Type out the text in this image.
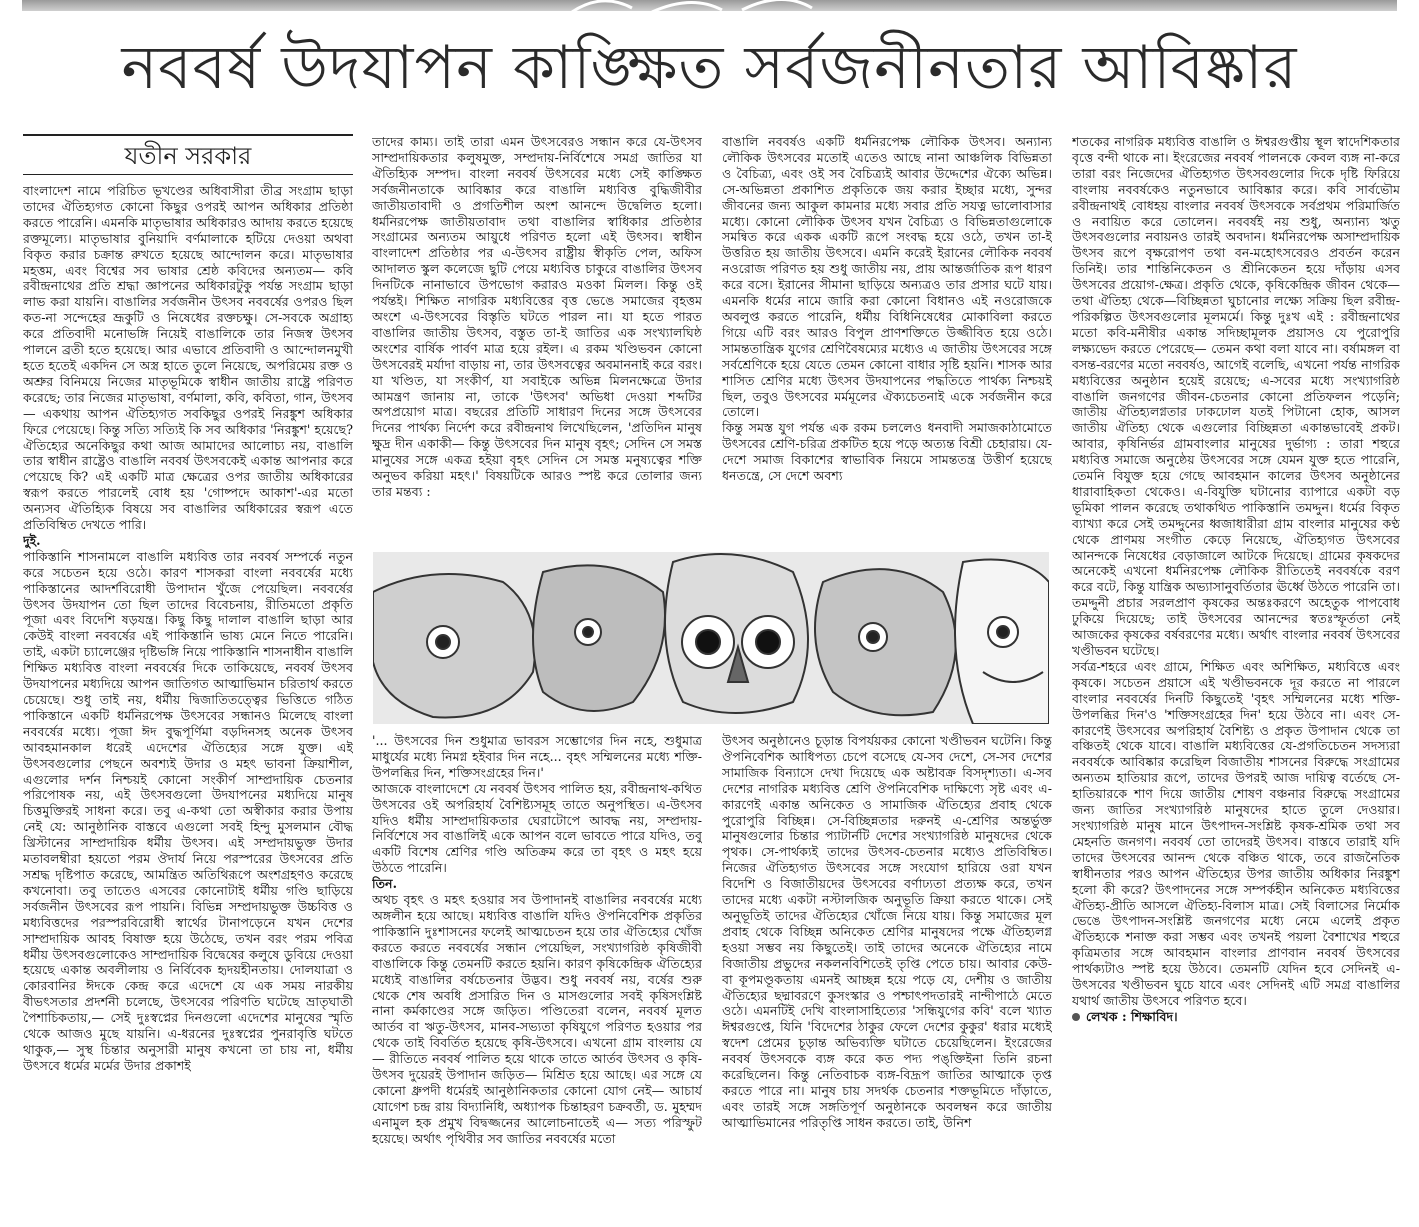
নববর্ষ উদযাপন কাঙ্ক্ষিত সর্বজনীনতার আবিষ্কার
যতীন সরকার

বাংলাদেশ নামে পরিচিত ভূখণ্ডের অধিবাসীরা তীব্র সংগ্রাম ছাড়া তাদের ঐতিহ্যগত কোনো কিছুর ওপরই আপন অধিকার প্রতিষ্ঠা করতে পারেনি। এমনকি মাতৃভাষার অধিকারও আদায় করতে হয়েছে রক্তমূল্যে। মাতৃভাষার বুনিয়াদি বর্ণমালাকে হটিয়ে দেওয়া অথবা বিকৃত করার চক্রান্ত রুখতে হয়েছে আন্দোলন করে। মাতৃভাষার মহত্তম, এবং বিশ্বের সব ভাষার শ্রেষ্ঠ কবিদের অন্যতম— কবি রবীন্দ্রনাথের প্রতি শ্রদ্ধা জ্ঞাপনের অধিকারটুকু পর্যন্ত সংগ্রাম ছাড়া লাভ করা যায়নি। বাঙালির সর্বজনীন উৎসব নববর্ষের ওপরও ছিল কত-না সন্দেহের ভ্রূকুটি ও নিষেধের রক্তচক্ষু। সে-সবকে অগ্রাহ্য করে প্রতিবাদী মনোভঙ্গি নিয়েই বাঙালিকে তার নিজস্ব উৎসব পালনে ব্রতী হতে হয়েছে। আর এভাবে প্রতিবাদী ও আন্দোলনমুখী হতে হতেই একদিন সে অস্ত্র হাতে তুলে নিয়েছে, অপরিমেয় রক্ত ও অশ্রুর বিনিময়ে নিজের মাতৃভূমিকে স্বাধীন জাতীয় রাষ্ট্রে পরিণত করেছে; তার নিজের মাতৃভাষা, বর্ণমালা, কবি, কবিতা, গান, উৎসব— একথায় আপন ঐতিহ্যগত সবকিছুর ওপরই নিরঙ্কুশ অধিকার ফিরে পেয়েছে। কিন্তু সত্যি সত্যিই কি সব অধিকার 'নিরঙ্কুশ' হয়েছে? ঐতিহ্যের অনেকিছুর কথা আজ আমাদের আলোচ্য নয়, বাঙালি তার স্বাধীন রাষ্ট্রেও বাঙালি নববর্ষ উৎসবকেই একান্ত আপনার করে পেয়েছে কি? এই একটি মাত্র ক্ষেত্রের ওপর জাতীয় অধিকারের স্বরূপ করতে পারলেই বোধ হয় 'গোষ্পদে আকাশ'-এর মতো অন্যসব ঐতিহ্যিক বিষয়ে সব বাঙালির অধিকারের স্বরূপ এতে প্রতিবিম্বিত দেখতে পারি।

দুই.

পাকিস্তানি শাসনামলে বাঙালি মধ্যবিত্ত তার নববর্ষ সম্পর্কে নতুন করে সচেতন হয়ে ওঠে। কারণ শাসকরা বাংলা নববর্ষের মধ্যে পাকিস্তানের আদর্শবিরোধী উপাদান খুঁজে পেয়েছিল। নববর্ষের উৎসব উদযাপন তো ছিল তাদের বিবেচনায়, রীতিমতো প্রকৃতি পূজা এবং বিদেশি ষড়যন্ত্র। কিছু কিছু দালাল বাঙালি ছাড়া আর কেউই বাংলা নববর্ষের এই পাকিস্তানি ভাষ্য মেনে নিতে পারেনি। তাই, একটা চ্যালেঞ্জের দৃষ্টিভঙ্গি নিয়ে পাকিস্তানি শাসনাধীন বাঙালি শিক্ষিত মধ্যবিত্ত বাংলা নববর্ষের দিকে তাকিয়েছে, নববর্ষ উৎসব উদযাপনের মধ্যদিয়ে আপন জাতিগত আত্মাভিমান চরিতার্থ করতে চেয়েছে। শুধু তাই নয়, ধর্মীয় দ্বিজাতিতত্ত্বের ভিত্তিতে গঠিত পাকিস্তানে একটি ধর্মনিরপেক্ষ উৎসবের সন্ধানও মিলেছে বাংলা নববর্ষের মধ্যে। পূজা ঈদ বুদ্ধপূর্ণিমা বড়দিনসহ অনেক উৎসব আবহমানকাল ধরেই এদেশের ঐতিহ্যের সঙ্গে যুক্ত। এই উৎসবগুলোর পেছনে অবশ্যই উদার ও মহৎ ভাবনা ক্রিয়াশীল, এগুলোর দর্শন নিশ্চয়ই কোনো সংকীর্ণ সাম্প্রদায়িক চেতনার পরিপোষক নয়, এই উৎসবগুলো উদযাপনের মধ্যদিয়ে মানুষ চিত্তমুক্তিরই সাধনা করে। তবু এ-কথা তো অস্বীকার করার উপায় নেই যে: আনুষ্ঠানিক বাস্তবে এগুলো সবই হিন্দু মুসলমান বৌদ্ধ খ্রিস্টানের সাম্প্রদায়িক ধর্মীয় উৎসব। এই সম্প্রদায়ভুক্ত উদার মতাবলম্বীরা হয়তো পরম ঔদার্য নিয়ে পরস্পরের উৎসবের প্রতি সশ্রদ্ধ দৃষ্টিপাত করেছে, আমন্ত্রিত অতিথিরূপে অংশগ্রহণও করেছে কখনোবা। তবু তাতেও এসবের কোনোটাই ধর্মীয় গণ্ডি ছাড়িয়ে সর্বজনীন উৎসবের রূপ পায়নি। বিভিন্ন সম্প্রদায়ভুক্ত উচ্চবিত্ত ও মধ্যবিত্তদের পরস্পরবিরোধী স্বার্থের টানাপড়েনে যখন দেশের সাম্প্রদায়িক আবহ বিষাক্ত হয়ে উঠেছে, তখন বরং পরম পবিত্র ধর্মীয় উৎসবগুলোকেও সাম্প্রদায়িক বিদ্বেষের কলুষে ডুবিয়ে দেওয়া হয়েছে একান্ত অবলীলায় ও নির্বিবেক হৃদয়হীনতায়। দোলযাত্রা ও কোরবানির ঈদকে কেন্দ্র করে এদেশে যে এক সময় নারকীয় বীভৎসতার প্রদর্শনী চলেছে, উৎসবের পরিণতি ঘটেছে ভ্রাতৃঘাতী পৈশাচিকতায়,— সেই দুঃস্বপ্নের দিনগুলো এদেশের মানুষের স্মৃতি থেকে আজও মুছে যায়নি। এ-ধরনের দুঃস্বপ্নের পুনরাবৃত্তি ঘটতে থাকুক,— সুস্থ চিন্তার অনুসারী মানুষ কখনো তা চায় না, ধর্মীয় উৎসবে ধর্মের মর্মের উদার প্রকাশই

তাদের কাম্য। তাই তারা এমন উৎসবেরও সন্ধান করে যে-উৎসব সাম্প্রদায়িকতার কলুষমুক্ত, সম্প্রদায়-নির্বিশেষে সমগ্র জাতির যা ঐতিহ্যিক সম্পদ। বাংলা নববর্ষ উৎসবের মধ্যে সেই কাঙ্ক্ষিত সর্বজনীনতাকে আবিষ্কার করে বাঙালি মধ্যবিত্ত বুদ্ধিজীবীর জাতীয়তাবাদী ও প্রগতিশীল অংশ আনন্দে উদ্বেলিত হলো। ধর্মনিরপেক্ষ জাতীয়তাবাদ তথা বাঙালির স্বাধিকার প্রতিষ্ঠার সংগ্রামের অন্যতম আয়ুধে পরিণত হলো এই উৎসব। স্বাধীন বাংলাদেশ প্রতিষ্ঠার পর এ-উৎসব রাষ্ট্রীয় স্বীকৃতি পেল, অফিস আদালত স্কুল কলেজে ছুটি পেয়ে মধ্যবিত্ত চাকুরে বাঙালির উৎসব দিনটিকে নানাভাবে উপভোগ করারও মওকা মিলল। কিন্তু ওই পর্যন্তই। শিক্ষিত নাগরিক মধ্যবিত্তের বৃত্ত ভেঙে সমাজের বৃহত্তম অংশে এ-উৎসবের বিস্তৃতি ঘটতে পারল না। যা হতে পারত বাঙালির জাতীয় উৎসব, বস্তুত তা-ই জাতির এক সংখ্যালঘিষ্ঠ অংশের বার্ষিক পার্বণ মাত্র হয়ে রইল। এ রকম খণ্ডিভবন কোনো উৎসবেরই মর্যাদা বাড়ায় না, তার উৎসবত্বের অবমাননাই করে বরং। যা খণ্ডিত, যা সংকীর্ণ, যা সবাইকে অভিন্ন মিলনক্ষেত্রে উদার আমন্ত্রণ জানায় না, তাকে 'উৎসব' অভিধা দেওয়া শব্দটির অপপ্রয়োগ মাত্র। বছরের প্রতিটি সাধারণ দিনের সঙ্গে উৎসবের দিনের পার্থক্য নির্দেশ করে রবীন্দ্রনাথ লিখেছিলেন, 'প্রতিদিন মানুষ ক্ষুদ্র দীন একাকী— কিন্তু উৎসবের দিন মানুষ বৃহৎ; সেদিন সে সমস্ত মানুষের সঙ্গে একত্র হইয়া বৃহৎ সেদিন সে সমস্ত মনুষ্যত্বের শক্তি অনুভব করিয়া মহৎ।' বিষয়টিকে আরও স্পষ্ট করে তোলার জন্য তার মন্তব্য :

বাঙালি নববর্ষও একটি ধর্মনিরপেক্ষ লৌকিক উৎসব। অন্যান্য লৌকিক উৎসবের মতোই এতেও আছে নানা আঞ্চলিক বিভিন্নতা ও বৈচিত্র্য, এবং ওই সব বৈচিত্র্যই আবার উদ্দেশের ঐক্যে অভিন্ন। সে-অভিন্নতা প্রকাশিত প্রকৃতিকে জয় করার ইচ্ছার মধ্যে, সুন্দর জীবনের জন্য আকুল কামনার মধ্যে সবার প্রতি সযত্ন ভালোবাসার মধ্যে। কোনো লৌকিক উৎসব যখন বৈচিত্র্য ও বিভিন্নতাগুলোকে সমন্বিত করে একক একটি রূপে সংবদ্ধ হয়ে ওঠে, তখন তা-ই উত্তরিত হয় জাতীয় উৎসবে। এমনি করেই ইরানের লৌকিক নববর্ষ নওরোজ পরিণত হয় শুধু জাতীয় নয়, প্রায় আন্তর্জাতিক রূপ ধারণ করে বসে। ইরানের সীমানা ছাড়িয়ে অন্যত্রও তার প্রসার ঘটে যায়। এমনকি ধর্মের নামে জারি করা কোনো বিধানও এই নওরোজকে অবলুপ্ত করতে পারেনি, ধর্মীয় বিধিনিষেধের মোকাবিলা করতে গিয়ে এটি বরং আরও বিপুল প্রাণশক্তিতে উজ্জীবিত হয়ে ওঠে। সামন্ততান্ত্রিক যুগের শ্রেণিবৈষম্যের মধ্যেও এ জাতীয় উৎসবের সঙ্গে সর্বশ্রেণিকে হয়ে যেতে তেমন কোনো বাধার সৃষ্টি হয়নি। শাসক আর শাসিত শ্রেণির মধ্যে উৎসব উদযাপনের পদ্ধতিতে পার্থক্য নিশ্চয়ই ছিল, তবুও উৎসবের মর্মমূলের ঐক্যচেতনাই একে সর্বজনীন করে তোলে।

কিন্তু সমস্ত যুগ পর্যন্ত এক রকম চললেও ধনবাদী সমাজকাঠামোতে উৎসবের শ্রেণি-চরিত্র প্রকটিত হয়ে পড়ে অত্যন্ত বিশ্রী চেহারায়। যে-দেশে সমাজ বিকাশের স্বাভাবিক নিয়মে সামন্ততন্ত্র উত্তীর্ণ হয়েছে ধনতন্ত্রে, সে দেশে অবশ্য

শতকের নাগরিক মধ্যবিত্ত বাঙালি ও ঈশ্বরগুপ্তীয় স্থূল স্বাদেশিকতার বৃত্তে বন্দী থাকে না। ইংরেজের নববর্ষ পালনকে কেবল ব্যঙ্গ না-করে তারা বরং নিজেদের ঐতিহ্যগত উৎসবগুলোর দিকে দৃষ্টি ফিরিয়ে বাংলায় নববর্ষকেও নতুনভাবে আবিষ্কার করে। কবি সার্বভৌম রবীন্দ্রনাথই বোধহয় বাংলার নববর্ষ উৎসবকে সর্বপ্রথম পরিমার্জিত ও নবায়িত করে তোলেন। নববর্ষই নয় শুধু, অন্যান্য ঋতু উৎসবগুলোর নবায়নও তারই অবদান। ধর্মনিরপেক্ষ অসাম্প্রদায়িক উৎসব রূপে বৃক্ষরোপণ তথা বন-মহোৎসবেরও প্রবর্তন করেন তিনিই। তার শান্তিনিকেতন ও শ্রীনিকেতন হয়ে দাঁড়ায় এসব উৎসবের প্রয়োগ-ক্ষেত্র। প্রকৃতি থেকে, কৃষিকেন্দ্রিক জীবন থেকে—তথা ঐতিহ্য থেকে—বিচ্ছিন্নতা ঘুচানোর লক্ষ্যে সক্রিয় ছিল রবীন্দ্র-পরিকল্পিত উৎসবগুলোর মূলমর্মে। কিন্তু দুঃখ এই : রবীন্দ্রনাথের মতো কবি-মনীষীর একান্ত সদিচ্ছামূলক প্রয়াসও যে পুরোপুরি লক্ষ্যভেদ করতে পেরেছে— তেমন কথা বলা যাবে না। বর্ষামঙ্গল বা বসন্ত-বরণের মতো নববর্ষও, আগেই বলেছি, এখনো পর্যন্ত নাগরিক মধ্যবিত্তের অনুষ্ঠান হয়েই রয়েছে; এ-সবের মধ্যে সংখ্যাগরিষ্ঠ বাঙালি জনগণের জীবন-চেতনার কোনো প্রতিফলন পড়েনি; জাতীয় ঐতিহ্যলগ্নতার ঢাকঢোল যতই পিটানো হোক, আসল জাতীয় ঐতিহ্য থেকে এগুলোর বিচ্ছিন্নতা একান্তভাবেই প্রকট। আবার, কৃষিনির্ভর গ্রামবাংলার মানুষের দুর্ভাগ্য : তারা শহুরে মধ্যবিত্ত সমাজে অনুষ্ঠেয় উৎসবের সঙ্গে যেমন যুক্ত হতে পারেনি, তেমনি বিযুক্ত হয়ে গেছে আবহমান কালের উৎসব অনুষ্ঠানের ধারাবাহিকতা থেকেও। এ-বিযুক্তি ঘটানোর ব্যাপারে একটা বড় ভূমিকা পালন করেছে তথাকথিত পাকিস্তানি তমদ্দুন। ধর্মের বিকৃত ব্যাখ্যা করে সেই তমদ্দুনের ধ্বজাধারীরা গ্রাম বাংলার মানুষের কণ্ঠ থেকে প্রাণময় সংগীত কেড়ে নিয়েছে, ঐতিহ্যগত উৎসবের আনন্দকে নিষেধের বেড়াজালে আটকে দিয়েছে। গ্রামের কৃষকদের অনেকেই এখনো ধর্মনিরপেক্ষ লৌকিক রীতিতেই নববর্ষকে বরণ করে বটে, কিন্তু যান্ত্রিক অভ্যাসানুবর্তিতার ঊর্ধ্বে উঠতে পারেনি তা। তমদ্দুনী প্রচার সরলপ্রাণ কৃষকের অন্তঃকরণে অহেতুক পাপবোধ ঢুকিয়ে দিয়েছে; তাই উৎসবের আনন্দের স্বতঃস্ফূর্ততা নেই আজকের কৃষকের বর্ষবরণের মধ্যে। অর্থাৎ বাংলার নববর্ষ উৎসবের খণ্ডীভবন ঘটেছে।

সর্বত্র-শহরে এবং গ্রামে, শিক্ষিত এবং অশিক্ষিত, মধ্যবিত্তে এবং কৃষকে। সচেতন প্রয়াসে এই খণ্ডীভবনকে দূর করতে না পারলে বাংলার নববর্ষের দিনটি কিছুতেই 'বৃহৎ সম্মিলনের মধ্যে শক্তি-উপলব্ধির দিন'ও 'শক্তিসংগ্রহের দিন' হয়ে উঠবে না। এবং সে-কারণেই উৎসবের অপরিহার্য বৈশিষ্ট্য ও প্রকৃত উপাদান থেকে তা বঞ্চিতই থেকে যাবে। বাঙালি মধ্যবিত্তের যে-প্রগতিচেতন সদস্যরা নববর্ষকে আবিষ্কার করেছিল বিজাতীয় শাসনের বিরুদ্ধে সংগ্রামের অন্যতম হাতিয়ার রূপে, তাদের উপরই আজ দায়িত্ব বর্তেছে সে-হাতিয়ারকে শাণ দিয়ে জাতীয় শোষণ বঞ্চনার বিরুদ্ধে সংগ্রামের জন্য জাতির সংখ্যাগরিষ্ঠ মানুষদের হাতে তুলে দেওয়ার। সংখ্যাগরিষ্ঠ মানুষ মানে উৎপাদন-সংশ্লিষ্ট কৃষক-শ্রমিক তথা সব মেহনতি জনগণ। নববর্ষ তো তাদেরই উৎসব। বাস্তবে তারাই যদি তাদের উৎসবের আনন্দ থেকে বঞ্চিত থাকে, তবে রাজনৈতিক স্বাধীনতার পরও আপন ঐতিহ্যের উপর জাতীয় অধিকার নিরঙ্কুশ হলো কী করে? উৎপাদনের সঙ্গে সম্পর্কহীন অনিকেত মধ্যবিত্তের ঐতিহ্য-প্রীতি আসলে ঐতিহ্য-বিলাস মাত্র। সেই বিলাসের নির্মোক ভেঙে উৎপাদন-সংশ্লিষ্ট জনগণের মধ্যে নেমে এলেই প্রকৃত ঐতিহ্যকে শনাক্ত করা সম্ভব এবং তখনই পয়লা বৈশাখের শহুরে কৃত্রিমতার সঙ্গে আবহমান বাংলার প্রাণবান নববর্ষ উৎসবের পার্থক্যটাও স্পষ্ট হয়ে উঠবে। তেমনটি যেদিন হবে সেদিনই এ-উৎসবের খণ্ডীভবন ঘুচে যাবে এবং সেদিনই এটি সমগ্র বাঙালির যথার্থ জাতীয় উৎসবে পরিণত হবে।

লেখক : শিক্ষাবিদ।

'... উৎসবের দিন শুধুমাত্র ভাবরস সম্ভোগের দিন নহে, শুধুমাত্র মাধুর্যের মধ্যে নিমগ্ন হইবার দিন নহে... বৃহৎ সম্মিলনের মধ্যে শক্তি-উপলব্ধির দিন, শক্তিসংগ্রহের দিন।'

আজকে বাংলাদেশে যে নববর্ষ উৎসব পালিত হয়, রবীন্দ্রনাথ-কথিত উৎসবের ওই অপরিহার্য বৈশিষ্ট্যসমূহ তাতে অনুপস্থিত। এ-উৎসব যদিও ধর্মীয় সাম্প্রদায়িকতার ঘেরাটোপে আবদ্ধ নয়, সম্প্রদায়-নির্বিশেষে সব বাঙালিই একে আপন বলে ভাবতে পারে যদিও, তবু একটি বিশেষ শ্রেণির গণ্ডি অতিক্রম করে তা বৃহৎ ও মহৎ হয়ে উঠতে পারেনি।

তিন.

অথচ বৃহৎ ও মহৎ হওয়ার সব উপাদানই বাঙালির নববর্ষের মধ্যে অঙ্গলীন হয়ে আছে। মধ্যবিত্ত বাঙালি যদিও ঔপনিবেশিক প্রকৃতির পাকিস্তানি দুঃশাসনের ফলেই আত্মচেতন হয়ে তার ঐতিহ্যের খোঁজ করতে করতে নববর্ষের সন্ধান পেয়েছিল, সংখ্যাগরিষ্ঠ কৃষিজীবী বাঙালিকে কিন্তু তেমনটি করতে হয়নি। কারণ কৃষিকেন্দ্রিক ঐতিহ্যের মধ্যেই বাঙালির বর্ষচেতনার উদ্ভব। শুধু নববর্ষ নয়, বর্ষের শুরু থেকে শেষ অবধি প্রসারিত দিন ও মাসগুলোর সবই কৃষিসংশ্লিষ্ট নানা কর্মকাণ্ডের সঙ্গে জড়িত। পণ্ডিতেরা বলেন, নববর্ষ মূলত আর্তব বা ঋতু-উৎসব, মানব-সভ্যতা কৃষিযুগে পরিণত হওয়ার পর থেকে তাই বিবর্তিত হয়েছে কৃষি-উৎসবে। এখনো গ্রাম বাংলায় যে— রীতিতে নববর্ষ পালিত হয়ে থাকে তাতে আর্তব উৎসব ও কৃষি-উৎসব দুয়েরই উপাদান জড়িত— মিশ্রিত হয়ে আছে। এর সঙ্গে যে কোনো ধ্রুপদী ধর্মেরই আনুষ্ঠানিকতার কোনো যোগ নেই— আচার্য যোগেশ চন্দ্র রায় বিদ্যানিধি, অধ্যাপক চিন্তাহরণ চক্রবর্তী, ড. মুহম্মদ এনামুল হক প্রমুখ বিদ্বজ্জনের আলোচনাতেই এ— সত্য পরিস্ফুট হয়েছে। অর্থাৎ পৃথিবীর সব জাতির নববর্ষের মতো

উৎসব অনুষ্ঠানেও চূড়ান্ত বিপর্যয়কর কোনো খণ্ডীভবন ঘটেনি। কিন্তু ঔপনিবেশিক আধিপত্য চেপে বসেছে যে-সব দেশে, সে-সব দেশের সামাজিক বিন্যাসে দেখা দিয়েছে এক অষ্টাবক্র বিসদৃশ্যতা। এ-সব দেশের নাগরিক মধ্যবিত্ত শ্রেণি ঔপনিবেশিক দাক্ষিণ্যে সৃষ্ট এবং এ-কারণেই একান্ত অনিকেত ও সামাজিক ঐতিহ্যের প্রবাহ থেকে পুরোপুরি বিচ্ছিন্ন। সে-বিচ্ছিন্নতার দরুনই এ-শ্রেণির অন্তর্ভুক্ত মানুষগুলোর চিন্তার প্যাটার্নটি দেশের সংখ্যাগরিষ্ঠ মানুষদের থেকে পৃথক। সে-পার্থক্যই তাদের উৎসব-চেতনার মধ্যেও প্রতিবিম্বিত। নিজের ঐতিহ্যগত উৎসবের সঙ্গে সংযোগ হারিয়ে ওরা যখন বিদেশি ও বিজাতীয়দের উৎসবের বর্ণাঢ্যতা প্রত্যক্ষ করে, তখন তাদের মধ্যে একটা নস্টালজিক অনুভূতি ক্রিয়া করতে থাকে। সেই অনুভূতিই তাদের ঐতিহ্যের খোঁজে নিয়ে যায়। কিন্তু সমাজের মূল প্রবাহ থেকে বিচ্ছিন্ন অনিকেত শ্রেণির মানুষদের পক্ষে ঐতিহ্যলগ্ন হওয়া সম্ভব নয় কিছুতেই। তাই তাদের অনেকে ঐতিহ্যের নামে বিজাতীয় প্রভুদের নকলনবিশিতেই তৃপ্তি পেতে চায়। আবার কেউ-বা কূপমণ্ডূকতায় এমনই আচ্ছন্ন হয়ে পড়ে যে, দেশীয় ও জাতীয় ঐতিহ্যের ছদ্মাবরণে কুসংস্কার ও পশ্চাৎপদতারই নান্দীপাঠে মেতে ওঠে। এমনটিই দেখি বাংলাসাহিত্যের 'সন্ধিযুগের কবি' বলে খ্যাত ঈশ্বরগুপ্তে, যিনি 'বিদেশের ঠাকুর ফেলে দেশের কুকুর' ধরার মধ্যেই স্বদেশ প্রেমের চূড়ান্ত অভিব্যক্তি ঘটাতে চেয়েছিলেন। ইংরেজের নববর্ষ উৎসবকে ব্যঙ্গ করে কত পদ্য পঙ্‌ক্তিইনা তিনি রচনা করেছিলেন। কিন্তু নেতিবাচক ব্যঙ্গ-বিদ্রূপ জাতির আত্মাকে তৃপ্ত করতে পারে না। মানুষ চায় সদর্থক চেতনার শক্তভূমিতে দাঁড়াতে, এবং তারই সঙ্গে সঙ্গতিপূর্ণ অনুষ্ঠানকে অবলম্বন করে জাতীয় আত্মাভিমানের পরিতৃপ্তি সাধন করতে। তাই, উনিশ
